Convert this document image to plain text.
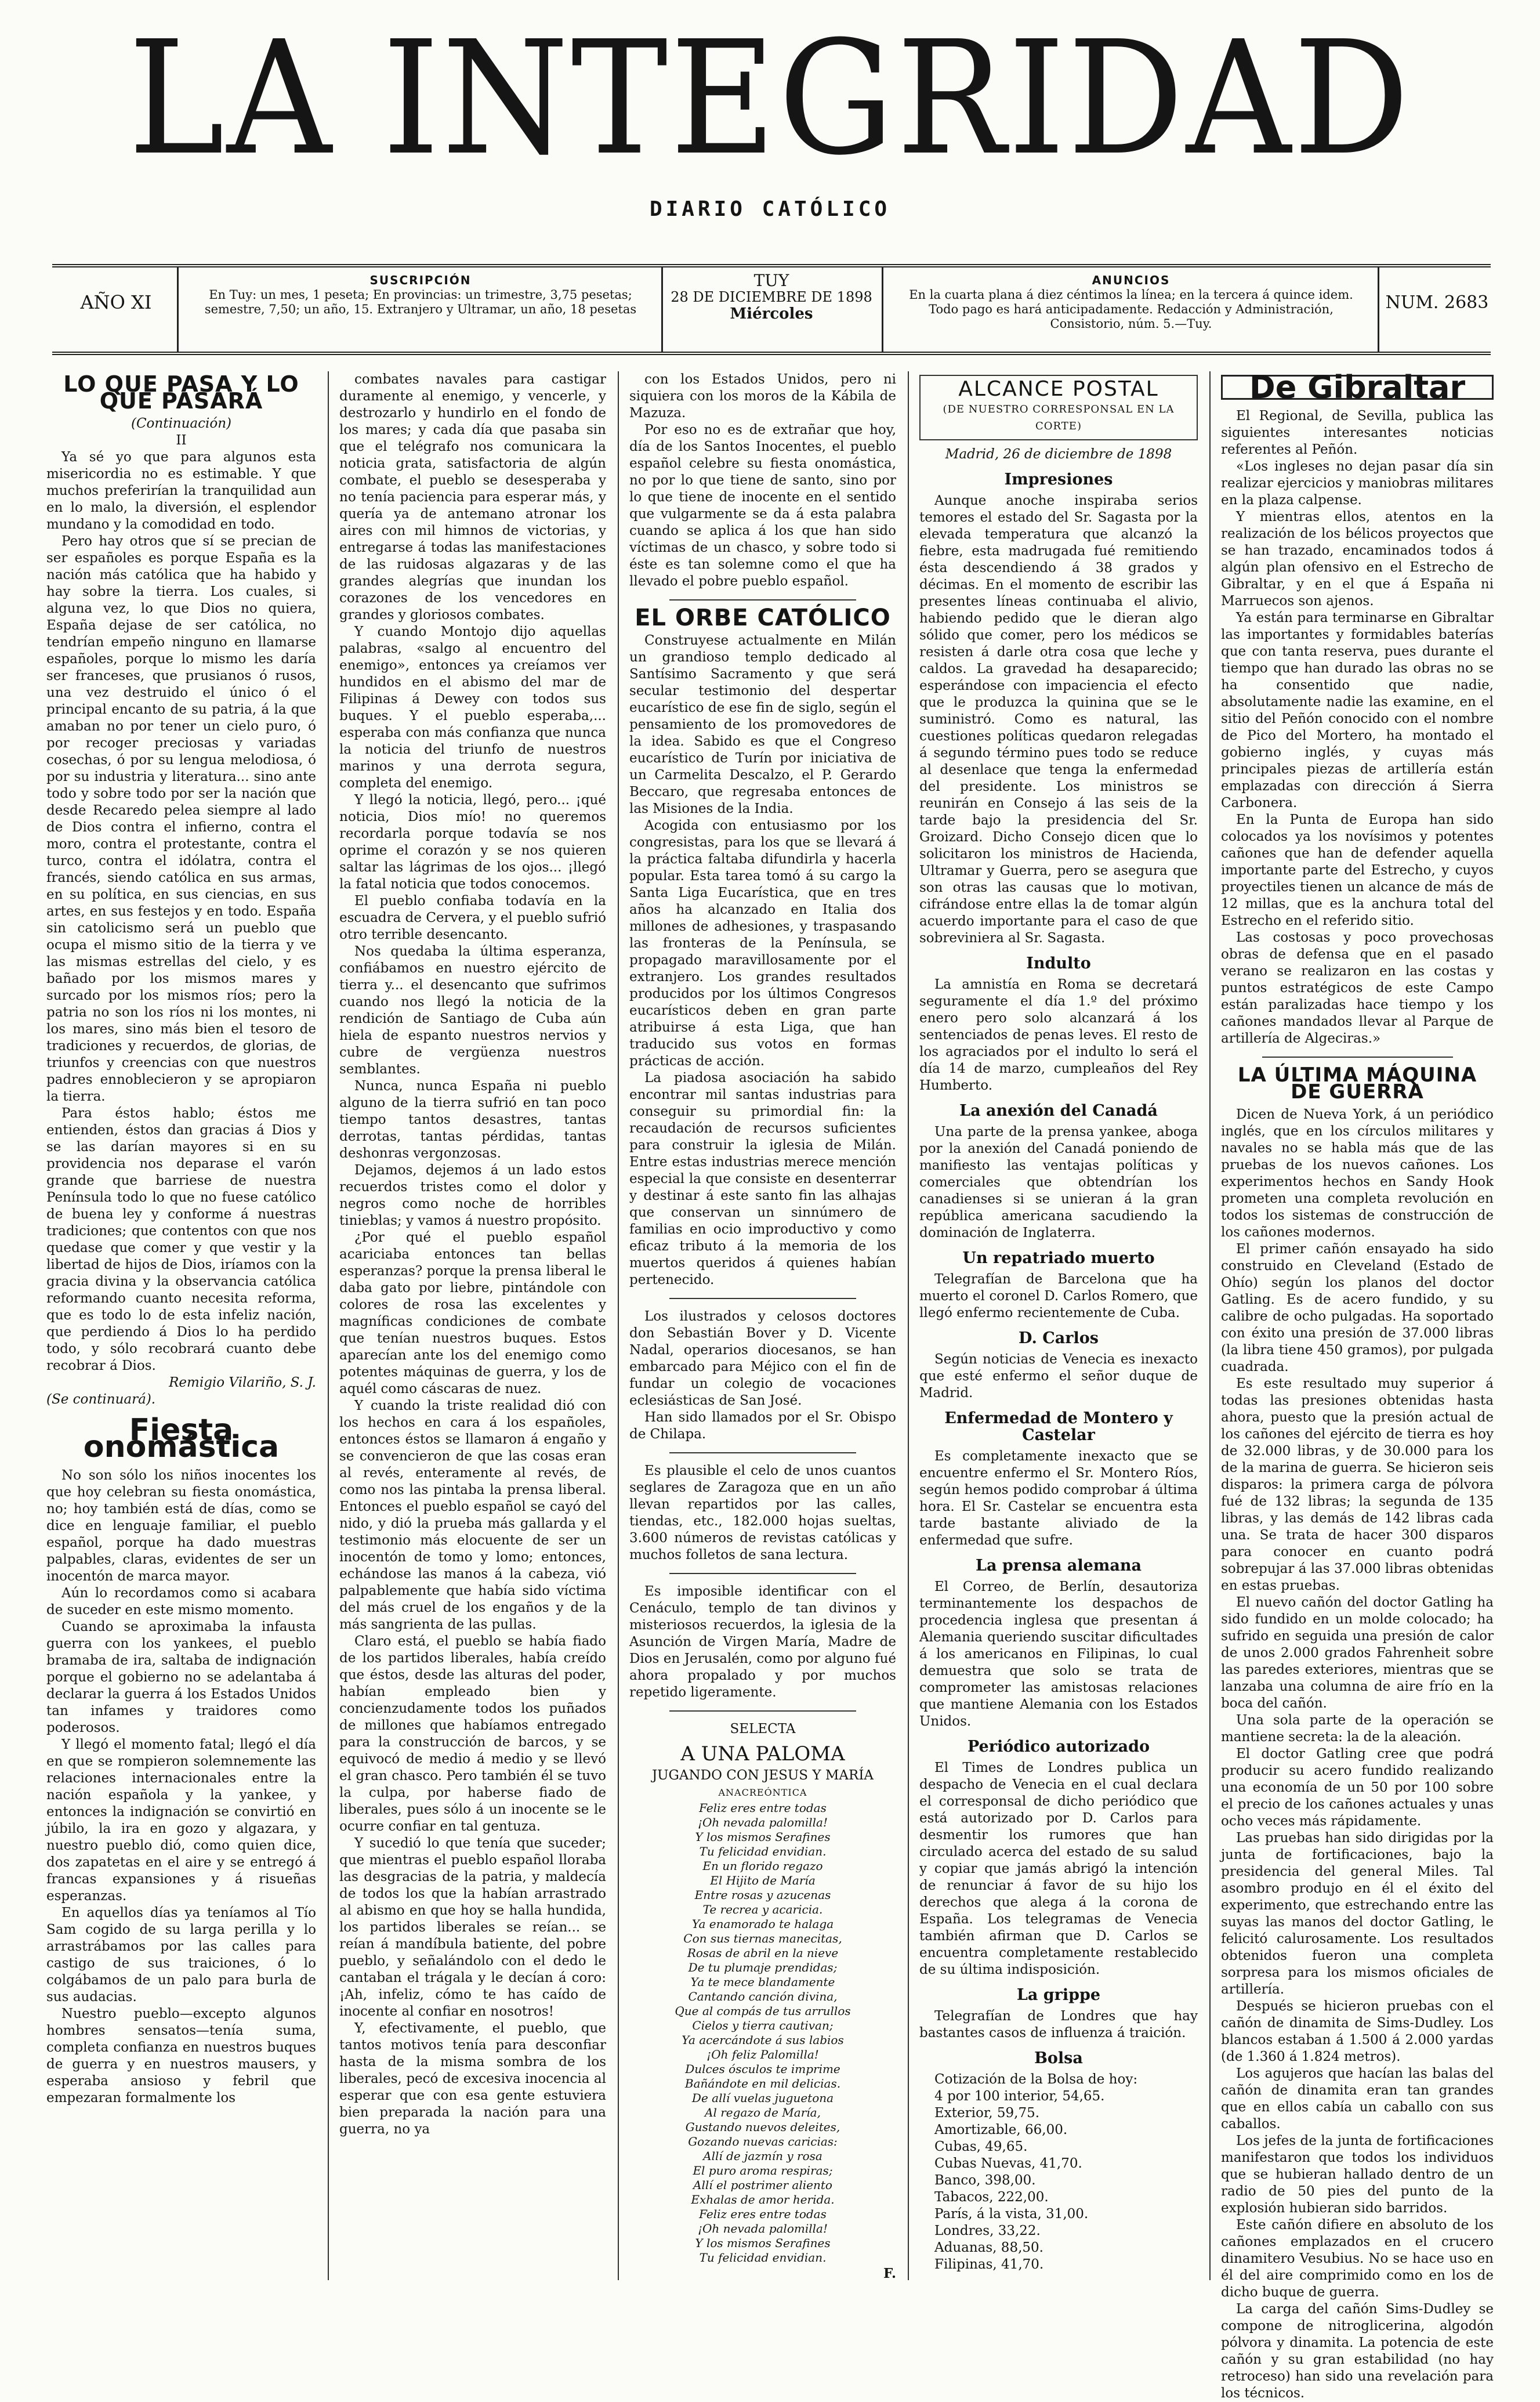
LA INTEGRIDAD
DIARIO CATÓLICO
AÑO XI
SUSCRIPCIÓN
En Tuy: un mes, 1 peseta; En provincias: un trimestre, 3,75 pesetas; semestre, 7,50; un año, 15. Extranjero y Ultramar, un año, 18 pesetas
TUY
28 DE DICIEMBRE DE 1898
Miércoles
ANUNCIOS
En la cuarta plana á diez céntimos la línea; en la tercera á quince idem. Todo pago es hará anticipadamente. Redacción y Administración, Consistorio, núm. 5.—Tuy.
NUM. 2683
LO QUE PASA Y LO QUE PASARÁ

(Continuación)

II

Ya sé yo que para algunos esta misericordia no es estimable. Y que muchos preferirían la tranquilidad aun en lo malo, la diversión, el esplendor mundano y la comodidad en todo.

Pero hay otros que sí se precian de ser españoles es porque España es la nación más católica que ha habido y hay sobre la tierra. Los cuales, si alguna vez, lo que Dios no quiera, España dejase de ser católica, no tendrían empeño ninguno en llamarse españoles, porque lo mismo les daría ser franceses, que prusianos ó rusos, una vez destruido el único ó el principal encanto de su patria, á la que amaban no por tener un cielo puro, ó por recoger preciosas y variadas cosechas, ó por su lengua melodiosa, ó por su industria y literatura... sino ante todo y sobre todo por ser la nación que desde Recaredo pelea siempre al lado de Dios contra el infierno, contra el moro, contra el protestante, contra el turco, contra el idólatra, contra el francés, siendo católica en sus armas, en su política, en sus ciencias, en sus artes, en sus festejos y en todo. España sin catolicismo será un pueblo que ocupa el mismo sitio de la tierra y ve las mismas estrellas del cielo, y es bañado por los mismos mares y surcado por los mismos ríos; pero la patria no son los ríos ni los montes, ni los mares, sino más bien el tesoro de tradiciones y recuerdos, de glorias, de triunfos y creencias con que nuestros padres ennoblecieron y se apropiaron la tierra.

Para éstos hablo; éstos me entienden, éstos dan gracias á Dios y se las darían mayores si en su providencia nos deparase el varón grande que barriese de nuestra Península todo lo que no fuese católico de buena ley y conforme á nuestras tradiciones; que contentos con que nos quedase que comer y que vestir y la libertad de hijos de Dios, iríamos con la gracia divina y la observancia católica reformando cuanto necesita reforma, que es todo lo de esta infeliz nación, que perdiendo á Dios lo ha perdido todo, y sólo recobrará cuanto debe recobrar á Dios.

Remigio Vilariño, S. J.

(Se continuará).

Fiesta onomástica

No son sólo los niños inocentes los que hoy celebran su fiesta onomástica, no; hoy también está de días, como se dice en lenguaje familiar, el pueblo español, porque ha dado muestras palpables, claras, evidentes de ser un inocentón de marca mayor.

Aún lo recordamos como si acabara de suceder en este mismo momento.

Cuando se aproximaba la infausta guerra con los yankees, el pueblo bramaba de ira, saltaba de indignación porque el gobierno no se adelantaba á declarar la guerra á los Estados Unidos tan infames y traidores como poderosos.

Y llegó el momento fatal; llegó el día en que se rompieron solemnemente las relaciones internacionales entre la nación española y la yankee, y entonces la indignación se convirtió en júbilo, la ira en gozo y algazara, y nuestro pueblo dió, como quien dice, dos zapatetas en el aire y se entregó á francas expansiones y á risueñas esperanzas.

En aquellos días ya teníamos al Tío Sam cogido de su larga perilla y lo arrastrábamos por las calles para castigo de sus traiciones, ó lo colgábamos de un palo para burla de sus audacias.

Nuestro pueblo—excepto algunos hombres sensatos—tenía suma, completa confianza en nuestros buques de guerra y en nuestros mausers, y esperaba ansioso y febril que empezaran formalmente los

combates navales para castigar duramente al enemigo, y vencerle, y destrozarlo y hundirlo en el fondo de los mares; y cada día que pasaba sin que el telégrafo nos comunicara la noticia grata, satisfactoria de algún combate, el pueblo se desesperaba y no tenía paciencia para esperar más, y quería ya de antemano atronar los aires con mil himnos de victorias, y entregarse á todas las manifestaciones de las ruidosas algazaras y de las grandes alegrías que inundan los corazones de los vencedores en grandes y gloriosos combates.

Y cuando Montojo dijo aquellas palabras, «salgo al encuentro del enemigo», entonces ya creíamos ver hundidos en el abismo del mar de Filipinas á Dewey con todos sus buques. Y el pueblo esperaba,... esperaba con más confianza que nunca la noticia del triunfo de nuestros marinos y una derrota segura, completa del enemigo.

Y llegó la noticia, llegó, pero... ¡qué noticia, Dios mío! no queremos recordarla porque todavía se nos oprime el corazón y se nos quieren saltar las lágrimas de los ojos... ¡llegó la fatal noticia que todos conocemos.

El pueblo confiaba todavía en la escuadra de Cervera, y el pueblo sufrió otro terrible desencanto.

Nos quedaba la última esperanza, confiábamos en nuestro ejército de tierra y... el desencanto que sufrimos cuando nos llegó la noticia de la rendición de Santiago de Cuba aún hiela de espanto nuestros nervios y cubre de vergüenza nuestros semblantes.

Nunca, nunca España ni pueblo alguno de la tierra sufrió en tan poco tiempo tantos desastres, tantas derrotas, tantas pérdidas, tantas deshonras vergonzosas.

Dejamos, dejemos á un lado estos recuerdos tristes como el dolor y negros como noche de horribles tinieblas; y vamos á nuestro propósito.

¿Por qué el pueblo español acariciaba entonces tan bellas esperanzas? porque la prensa liberal le daba gato por liebre, pintándole con colores de rosa las excelentes y magníficas condiciones de combate que tenían nuestros buques. Estos aparecían ante los del enemigo como potentes máquinas de guerra, y los de aquél como cáscaras de nuez.

Y cuando la triste realidad dió con los hechos en cara á los españoles, entonces éstos se llamaron á engaño y se convencieron de que las cosas eran al revés, enteramente al revés, de como nos las pintaba la prensa liberal. Entonces el pueblo español se cayó del nido, y dió la prueba más gallarda y el testimonio más elocuente de ser un inocentón de tomo y lomo; entonces, echándose las manos á la cabeza, vió palpablemente que había sido víctima del más cruel de los engaños y de la más sangrienta de las pullas.

Claro está, el pueblo se había fiado de los partidos liberales, había creído que éstos, desde las alturas del poder, habían empleado bien y concienzudamente todos los puñados de millones que habíamos entregado para la construcción de barcos, y se equivocó de medio á medio y se llevó el gran chasco. Pero también él se tuvo la culpa, por haberse fiado de liberales, pues sólo á un inocente se le ocurre confiar en tal gentuza.

Y sucedió lo que tenía que suceder; que mientras el pueblo español lloraba las desgracias de la patria, y maldecía de todos los que la habían arrastrado al abismo en que hoy se halla hundida, los partidos liberales se reían... se reían á mandíbula batiente, del pobre pueblo, y señalándolo con el dedo le cantaban el trágala y le decían á coro: ¡Ah, infeliz, cómo te has caído de inocente al confiar en nosotros!

Y, efectivamente, el pueblo, que tantos motivos tenía para desconfiar hasta de la misma sombra de los liberales, pecó de excesiva inocencia al esperar que con esa gente estuviera bien preparada la nación para una guerra, no ya

con los Estados Unidos, pero ni siquiera con los moros de la Kábila de Mazuza.

Por eso no es de extrañar que hoy, día de los Santos Inocentes, el pueblo español celebre su fiesta onomástica, no por lo que tiene de santo, sino por lo que tiene de inocente en el sentido que vulgarmente se da á esta palabra cuando se aplica á los que han sido víctimas de un chasco, y sobre todo si éste es tan solemne como el que ha llevado el pobre pueblo español.

EL ORBE CATÓLICO

Construyese actualmente en Milán un grandioso templo dedicado al Santísimo Sacramento y que será secular testimonio del despertar eucarístico de ese fin de siglo, según el pensamiento de los promovedores de la idea. Sabido es que el Congreso eucarístico de Turín por iniciativa de un Carmelita Descalzo, el P. Gerardo Beccaro, que regresaba entonces de las Misiones de la India.

Acogida con entusiasmo por los congresistas, para los que se llevará á la práctica faltaba difundirla y hacerla popular. Esta tarea tomó á su cargo la Santa Liga Eucarística, que en tres años ha alcanzado en Italia dos millones de adhesiones, y traspasando las fronteras de la Península, se propagado maravillosamente por el extranjero. Los grandes resultados producidos por los últimos Congresos eucarísticos deben en gran parte atribuirse á esta Liga, que han traducido sus votos en formas prácticas de acción.

La piadosa asociación ha sabido encontrar mil santas industrias para conseguir su primordial fin: la recaudación de recursos suficientes para construir la iglesia de Milán. Entre estas industrias merece mención especial la que consiste en desenterrar y destinar á este santo fin las alhajas que conservan un sinnúmero de familias en ocio improductivo y como eficaz tributo á la memoria de los muertos queridos á quienes habían pertenecido.

Los ilustrados y celosos doctores don Sebastián Bover y D. Vicente Nadal, operarios diocesanos, se han embarcado para Méjico con el fin de fundar un colegio de vocaciones eclesiásticas de San José.

Han sido llamados por el Sr. Obispo de Chilapa.

Es plausible el celo de unos cuantos seglares de Zaragoza que en un año llevan repartidos por las calles, tiendas, etc., 182.000 hojas sueltas, 3.600 números de revistas católicas y muchos folletos de sana lectura.

Es imposible identificar con el Cenáculo, templo de tan divinos y misteriosos recuerdos, la iglesia de la Asunción de Virgen María, Madre de Dios en Jerusalén, como por alguno fué ahora propalado y por muchos repetido ligeramente.

SELECTA

A UNA PALOMA

JUGANDO CON JESUS Y MARÍA

ANACREÓNTICA

Feliz eres entre todas

¡Oh nevada palomilla!

Y los mismos Serafines

Tu felicidad envidian.

En un florido regazo

El Hijito de María

Entre rosas y azucenas

Te recrea y acaricia.

Ya enamorado te halaga

Con sus tiernas manecitas,

Rosas de abril en la nieve

De tu plumaje prendidas;

Ya te mece blandamente

Cantando canción divina,

Que al compás de tus arrullos

Cielos y tierra cautivan;

Ya acercándote á sus labios

¡Oh feliz Palomilla!

Dulces ósculos te imprime

Bañándote en mil delicias.

De allí vuelas juguetona

Al regazo de María,

Gustando nuevos deleites,

Gozando nuevas caricias:

Allí de jazmín y rosa

El puro aroma respiras;

Allí el postrimer aliento

Exhalas de amor herida.

Feliz eres entre todas

¡Oh nevada palomilla!

Y los mismos Serafines

Tu felicidad envidian.

F.

ALCANCE POSTAL
(DE NUESTRO CORRESPONSAL EN LA CORTE)

Madrid, 26 de diciembre de 1898

Impresiones

Aunque anoche inspiraba serios temores el estado del Sr. Sagasta por la elevada temperatura que alcanzó la fiebre, esta madrugada fué remitiendo ésta descendiendo á 38 grados y décimas. En el momento de escribir las presentes líneas continuaba el alivio, habiendo pedido que le dieran algo sólido que comer, pero los médicos se resisten á darle otra cosa que leche y caldos. La gravedad ha desaparecido; esperándose con impaciencia el efecto que le produzca la quinina que se le suministró. Como es natural, las cuestiones políticas quedaron relegadas á segundo término pues todo se reduce al desenlace que tenga la enfermedad del presidente. Los ministros se reunirán en Consejo á las seis de la tarde bajo la presidencia del Sr. Groizard. Dicho Consejo dicen que lo solicitaron los ministros de Hacienda, Ultramar y Guerra, pero se asegura que son otras las causas que lo motivan, cifrándose entre ellas la de tomar algún acuerdo importante para el caso de que sobreviniera al Sr. Sagasta.

Indulto

La amnistía en Roma se decretará seguramente el día 1.º del próximo enero pero solo alcanzará á los sentenciados de penas leves. El resto de los agraciados por el indulto lo será el día 14 de marzo, cumpleaños del Rey Humberto.

La anexión del Canadá

Una parte de la prensa yankee, aboga por la anexión del Canadá poniendo de manifiesto las ventajas políticas y comerciales que obtendrían los canadienses si se unieran á la gran república americana sacudiendo la dominación de Inglaterra.

Un repatriado muerto

Telegrafían de Barcelona que ha muerto el coronel D. Carlos Romero, que llegó enfermo recientemente de Cuba.

D. Carlos

Según noticias de Venecia es inexacto que esté enfermo el señor duque de Madrid.

Enfermedad de Montero y Castelar

Es completamente inexacto que se encuentre enfermo el Sr. Montero Ríos, según hemos podido comprobar á última hora. El Sr. Castelar se encuentra esta tarde bastante aliviado de la enfermedad que sufre.

La prensa alemana

El Correo, de Berlín, desautoriza terminantemente los despachos de procedencia inglesa que presentan á Alemania queriendo suscitar dificultades á los americanos en Filipinas, lo cual demuestra que solo se trata de comprometer las amistosas relaciones que mantiene Alemania con los Estados Unidos.

Periódico autorizado

El Times de Londres publica un despacho de Venecia en el cual declara el corresponsal de dicho periódico que está autorizado por D. Carlos para desmentir los rumores que han circulado acerca del estado de su salud y copiar que jamás abrigó la intención de renunciar á favor de su hijo los derechos que alega á la corona de España. Los telegramas de Venecia también afirman que D. Carlos se encuentra completamente restablecido de su última indisposición.

La grippe

Telegrafían de Londres que hay bastantes casos de influenza á traición.

Bolsa

Cotización de la Bolsa de hoy:

4 por 100 interior, 54,65.

Exterior, 59,75.

Amortizable, 66,00.

Cubas, 49,65.

Cubas Nuevas, 41,70.

Banco, 398,00.

Tabacos, 222,00.

París, á la vista, 31,00.

Londres, 33,22.

Aduanas, 88,50.

Filipinas, 41,70.

De Gibraltar

El Regional, de Sevilla, publica las siguientes interesantes noticias referentes al Peñón.

«Los ingleses no dejan pasar día sin realizar ejercicios y maniobras militares en la plaza calpense.

Y mientras ellos, atentos en la realización de los bélicos proyectos que se han trazado, encaminados todos á algún plan ofensivo en el Estrecho de Gibraltar, y en el que á España ni Marruecos son ajenos.

Ya están para terminarse en Gibraltar las importantes y formidables baterías que con tanta reserva, pues durante el tiempo que han durado las obras no se ha consentido que nadie, absolutamente nadie las examine, en el sitio del Peñón conocido con el nombre de Pico del Mortero, ha montado el gobierno inglés, y cuyas más principales piezas de artillería están emplazadas con dirección á Sierra Carbonera.

En la Punta de Europa han sido colocados ya los novísimos y potentes cañones que han de defender aquella importante parte del Estrecho, y cuyos proyectiles tienen un alcance de más de 12 millas, que es la anchura total del Estrecho en el referido sitio.

Las costosas y poco provechosas obras de defensa que en el pasado verano se realizaron en las costas y puntos estratégicos de este Campo están paralizadas hace tiempo y los cañones mandados llevar al Parque de artillería de Algeciras.»

LA ÚLTIMA MÁQUINA DE GUERRA

Dicen de Nueva York, á un periódico inglés, que en los círculos militares y navales no se habla más que de las pruebas de los nuevos cañones. Los experimentos hechos en Sandy Hook prometen una completa revolución en todos los sistemas de construcción de los cañones modernos.

El primer cañón ensayado ha sido construido en Cleveland (Estado de Ohío) según los planos del doctor Gatling. Es de acero fundido, y su calibre de ocho pulgadas. Ha soportado con éxito una presión de 37.000 libras (la libra tiene 450 gramos), por pulgada cuadrada.

Es este resultado muy superior á todas las presiones obtenidas hasta ahora, puesto que la presión actual de los cañones del ejército de tierra es hoy de 32.000 libras, y de 30.000 para los de la marina de guerra. Se hicieron seis disparos: la primera carga de pólvora fué de 132 libras; la segunda de 135 libras, y las demás de 142 libras cada una. Se trata de hacer 300 disparos para conocer en cuanto podrá sobrepujar á las 37.000 libras obtenidas en estas pruebas.

El nuevo cañón del doctor Gatling ha sido fundido en un molde colocado; ha sufrido en seguida una presión de calor de unos 2.000 grados Fahrenheit sobre las paredes exteriores, mientras que se lanzaba una columna de aire frío en la boca del cañón.

Una sola parte de la operación se mantiene secreta: la de la aleación.

El doctor Gatling cree que podrá producir su acero fundido realizando una economía de un 50 por 100 sobre el precio de los cañones actuales y unas ocho veces más rápidamente.

Las pruebas han sido dirigidas por la junta de fortificaciones, bajo la presidencia del general Miles. Tal asombro produjo en él el éxito del experimento, que estrechando entre las suyas las manos del doctor Gatling, le felicitó calurosamente. Los resultados obtenidos fueron una completa sorpresa para los mismos oficiales de artillería.

Después se hicieron pruebas con el cañón de dinamita de Sims-Dudley. Los blancos estaban á 1.500 á 2.000 yardas (de 1.360 á 1.824 metros).

Los agujeros que hacían las balas del cañón de dinamita eran tan grandes que en ellos cabía un caballo con sus caballos.

Los jefes de la junta de fortificaciones manifestaron que todos los individuos que se hubieran hallado dentro de un radio de 50 pies del punto de la explosión hubieran sido barridos.

Este cañón difiere en absoluto de los cañones emplazados en el crucero dinamitero Vesubius. No se hace uso en él del aire comprimido como en los de dicho buque de guerra.

La carga del cañón Sims-Dudley se compone de nitroglicerina, algodón pólvora y dinamita. La potencia de este cañón y su gran estabilidad (no hay retroceso) han sido una revelación para los técnicos.
